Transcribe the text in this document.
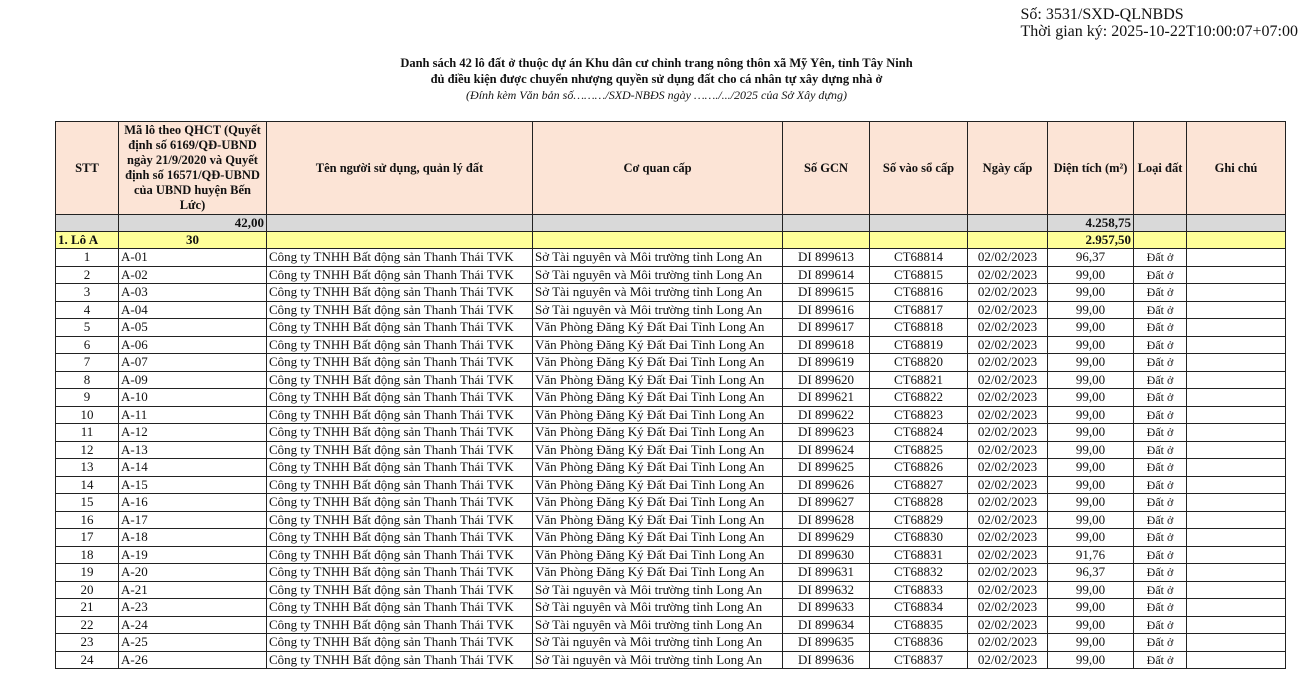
Số: 3531/SXD-QLNBDS
Thời gian ký: 2025-10-22T10:00:07+07:00
Danh sách 42 lô đất ở thuộc dự án Khu dân cư chỉnh trang nông thôn xã Mỹ Yên, tỉnh Tây Ninh
đủ điều kiện được chuyển nhượng quyền sử dụng đất cho cá nhân tự xây dựng nhà ở
(Đính kèm Văn bản số………/SXD-NBĐS ngày ……./.../2025 của Sở Xây dựng)
STT	Mã lô theo QHCT (Quyết định số 6169/QĐ-UBND ngày 21/9/2020 và Quyết định số 16571/QĐ-UBND của UBND huyện Bến Lức)	Tên người sử dụng, quản lý đất	Cơ quan cấp	Số GCN	Số vào sổ cấp	Ngày cấp	Diện tích (m²)	Loại đất	Ghi chú
	42,00						4.258,75		
1. Lô A	30						2.957,50		
1	A-01	Công ty TNHH Bất động sản Thanh Thái TVK	Sở Tài nguyên và Môi trường tỉnh Long An	DI 899613	CT68814	02/02/2023	96,37	Đất ở	
2	A-02	Công ty TNHH Bất động sản Thanh Thái TVK	Sở Tài nguyên và Môi trường tỉnh Long An	DI 899614	CT68815	02/02/2023	99,00	Đất ở	
3	A-03	Công ty TNHH Bất động sản Thanh Thái TVK	Sở Tài nguyên và Môi trường tỉnh Long An	DI 899615	CT68816	02/02/2023	99,00	Đất ở	
4	A-04	Công ty TNHH Bất động sản Thanh Thái TVK	Sở Tài nguyên và Môi trường tỉnh Long An	DI 899616	CT68817	02/02/2023	99,00	Đất ở	
5	A-05	Công ty TNHH Bất động sản Thanh Thái TVK	Văn Phòng Đăng Ký Đất Đai Tỉnh Long An	DI 899617	CT68818	02/02/2023	99,00	Đất ở	
6	A-06	Công ty TNHH Bất động sản Thanh Thái TVK	Văn Phòng Đăng Ký Đất Đai Tỉnh Long An	DI 899618	CT68819	02/02/2023	99,00	Đất ở	
7	A-07	Công ty TNHH Bất động sản Thanh Thái TVK	Văn Phòng Đăng Ký Đất Đai Tỉnh Long An	DI 899619	CT68820	02/02/2023	99,00	Đất ở	
8	A-09	Công ty TNHH Bất động sản Thanh Thái TVK	Văn Phòng Đăng Ký Đất Đai Tỉnh Long An	DI 899620	CT68821	02/02/2023	99,00	Đất ở	
9	A-10	Công ty TNHH Bất động sản Thanh Thái TVK	Văn Phòng Đăng Ký Đất Đai Tỉnh Long An	DI 899621	CT68822	02/02/2023	99,00	Đất ở	
10	A-11	Công ty TNHH Bất động sản Thanh Thái TVK	Văn Phòng Đăng Ký Đất Đai Tỉnh Long An	DI 899622	CT68823	02/02/2023	99,00	Đất ở	
11	A-12	Công ty TNHH Bất động sản Thanh Thái TVK	Văn Phòng Đăng Ký Đất Đai Tỉnh Long An	DI 899623	CT68824	02/02/2023	99,00	Đất ở	
12	A-13	Công ty TNHH Bất động sản Thanh Thái TVK	Văn Phòng Đăng Ký Đất Đai Tỉnh Long An	DI 899624	CT68825	02/02/2023	99,00	Đất ở	
13	A-14	Công ty TNHH Bất động sản Thanh Thái TVK	Văn Phòng Đăng Ký Đất Đai Tỉnh Long An	DI 899625	CT68826	02/02/2023	99,00	Đất ở	
14	A-15	Công ty TNHH Bất động sản Thanh Thái TVK	Văn Phòng Đăng Ký Đất Đai Tỉnh Long An	DI 899626	CT68827	02/02/2023	99,00	Đất ở	
15	A-16	Công ty TNHH Bất động sản Thanh Thái TVK	Văn Phòng Đăng Ký Đất Đai Tỉnh Long An	DI 899627	CT68828	02/02/2023	99,00	Đất ở	
16	A-17	Công ty TNHH Bất động sản Thanh Thái TVK	Văn Phòng Đăng Ký Đất Đai Tỉnh Long An	DI 899628	CT68829	02/02/2023	99,00	Đất ở	
17	A-18	Công ty TNHH Bất động sản Thanh Thái TVK	Văn Phòng Đăng Ký Đất Đai Tỉnh Long An	DI 899629	CT68830	02/02/2023	99,00	Đất ở	
18	A-19	Công ty TNHH Bất động sản Thanh Thái TVK	Văn Phòng Đăng Ký Đất Đai Tỉnh Long An	DI 899630	CT68831	02/02/2023	91,76	Đất ở	
19	A-20	Công ty TNHH Bất động sản Thanh Thái TVK	Văn Phòng Đăng Ký Đất Đai Tỉnh Long An	DI 899631	CT68832	02/02/2023	96,37	Đất ở	
20	A-21	Công ty TNHH Bất động sản Thanh Thái TVK	Sở Tài nguyên và Môi trường tỉnh Long An	DI 899632	CT68833	02/02/2023	99,00	Đất ở	
21	A-23	Công ty TNHH Bất động sản Thanh Thái TVK	Sở Tài nguyên và Môi trường tỉnh Long An	DI 899633	CT68834	02/02/2023	99,00	Đất ở	
22	A-24	Công ty TNHH Bất động sản Thanh Thái TVK	Sở Tài nguyên và Môi trường tỉnh Long An	DI 899634	CT68835	02/02/2023	99,00	Đất ở	
23	A-25	Công ty TNHH Bất động sản Thanh Thái TVK	Sở Tài nguyên và Môi trường tỉnh Long An	DI 899635	CT68836	02/02/2023	99,00	Đất ở	
24	A-26	Công ty TNHH Bất động sản Thanh Thái TVK	Sở Tài nguyên và Môi trường tỉnh Long An	DI 899636	CT68837	02/02/2023	99,00	Đất ở	
